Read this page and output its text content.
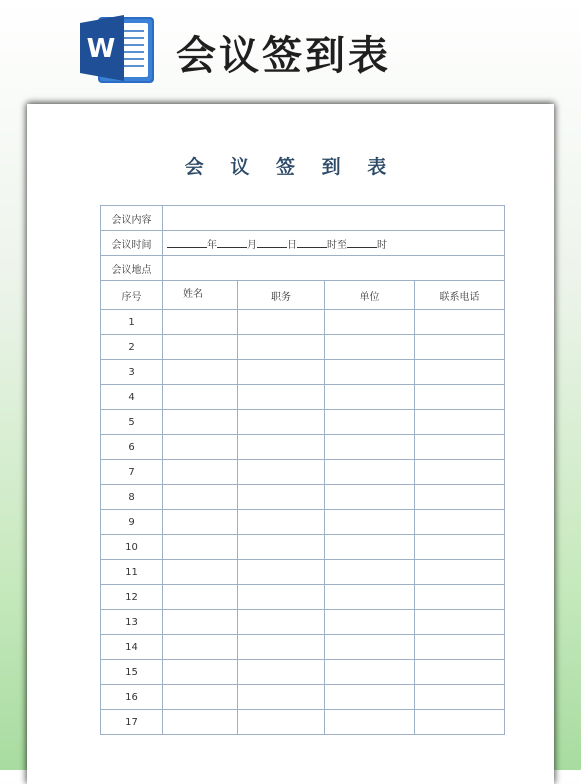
W 会议签到表
会 议 签 到 表
会议内容				
会议时间	年 月 日 时至 时			
会议地点				
序号	姓名	职务	单位	联系电话
1				
2				
3				
4				
5				
6				
7				
8				
9				
10				
11				
12				
13				
14				
15				
16				
17				
